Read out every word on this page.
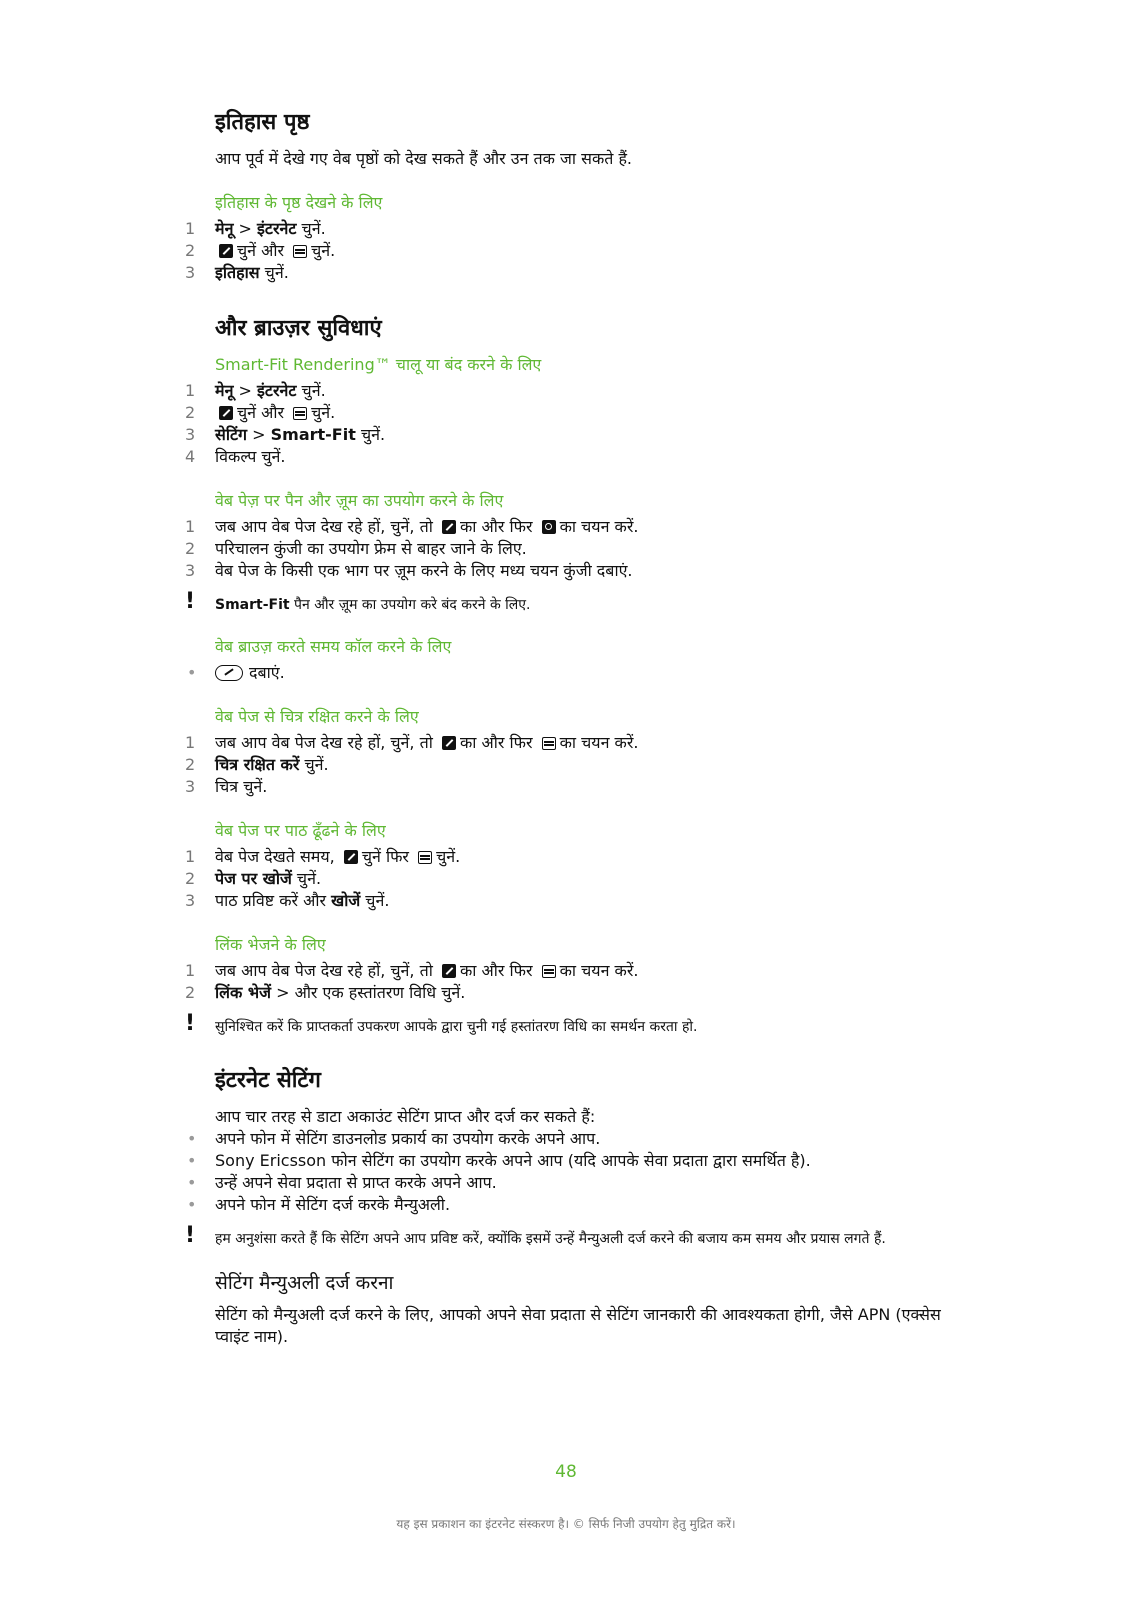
इतिहास पृष्ठ

आप पूर्व में देखे गए वेब पृष्ठों को देख सकते हैं और उन तक जा सकते हैं.

इतिहास के पृष्ठ देखने के लिए
1 मेनू > इंटरनेट चुनें.
2	चुनें और चुनें.
3 इतिहास चुनें.
और ब्राउज़र सुविधाएं
Smart-Fit Rendering™ चालू या बंद करने के लिए
1 मेनू > इंटरनेट चुनें.
2	चुनें और चुनें.
3 सेटिंग > Smart-Fit चुनें.
4 विकल्प चुनें.
वेब पेज़ पर पैन और ज़ूम का उपयोग करने के लिए
1 जब आप वेब पेज देख रहे हों, चुनें, तो का और फिर का चयन करें.
2 परिचालन कुंजी का उपयोग फ्रेम से बाहर जाने के लिए.
3 वेब पेज के किसी एक भाग पर ज़ूम करने के लिए मध्य चयन कुंजी दबाएं.
! Smart-Fit पैन और ज़ूम का उपयोग करे बंद करने के लिए.
वेब ब्राउज़ करते समय कॉल करने के लिए
•	दबाएं.
वेब पेज से चित्र रक्षित करने के लिए
1 जब आप वेब पेज देख रहे हों, चुनें, तो का और फिर का चयन करें.
2 चित्र रक्षित करें चुनें.
3 चित्र चुनें.
वेब पेज पर पाठ ढूँढने के लिए
1 वेब पेज देखते समय, चुनें फिर चुनें.
2 पेज पर खोजें चुनें.
3 पाठ प्रविष्ट करें और खोजें चुनें.
लिंक भेजने के लिए
1 जब आप वेब पेज देख रहे हों, चुनें, तो का और फिर का चयन करें.
2 लिंक भेजें > और एक हस्तांतरण विधि चुनें.
! सुनिश्चित करें कि प्राप्तकर्ता उपकरण आपके द्वारा चुनी गई हस्तांतरण विधि का समर्थन करता हो.
इंटरनेट सेटिंग

आप चार तरह से डाटा अकाउंट सेटिंग प्राप्त और दर्ज कर सकते हैं:

• अपने फोन में सेटिंग डाउनलोड प्रकार्य का उपयोग करके अपने आप.
• Sony Ericsson फोन सेटिंग का उपयोग करके अपने आप (यदि आपके सेवा प्रदाता द्वारा समर्थित है).
• उन्हें अपने सेवा प्रदाता से प्राप्त करके अपने आप.
• अपने फोन में सेटिंग दर्ज करके मैन्युअली.
! हम अनुशंसा करते हैं कि सेटिंग अपने आप प्रविष्ट करें, क्योंकि इसमें उन्हें मैन्युअली दर्ज करने की बजाय कम समय और प्रयास लगते हैं.
सेटिंग मैन्युअली दर्ज करना

सेटिंग को मैन्युअली दर्ज करने के लिए, आपको अपने सेवा प्रदाता से सेटिंग जानकारी की आवश्यकता होगी, जैसे APN (एक्सेस प्वाइंट नाम).

48
यह इस प्रकाशन का इंटरनेट संस्करण है। © सिर्फ निजी उपयोग हेतु मुद्रित करें।
